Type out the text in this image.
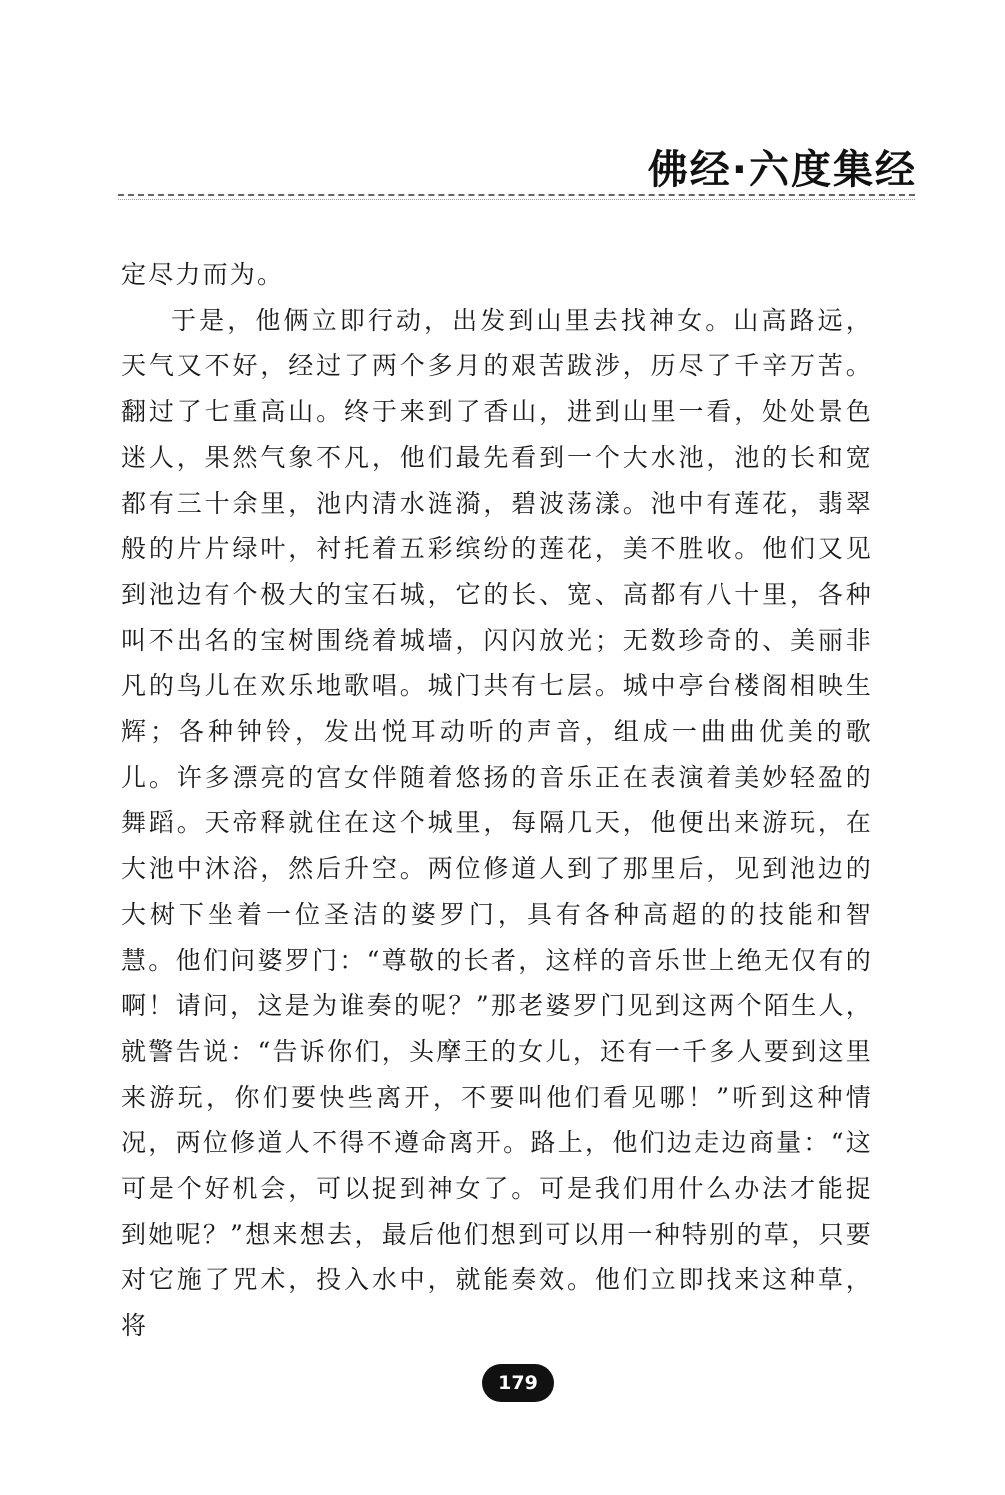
佛经·六度集经

定尽力而为。

于是，他俩立即行动，出发到山里去找神女。山高路远，天气又不好，经过了两个多月的艰苦跋涉，历尽了千辛万苦。翻过了七重高山。终于来到了香山，进到山里一看，处处景色迷人，果然气象不凡，他们最先看到一个大水池，池的长和宽都有三十余里，池内清水涟漪，碧波荡漾。池中有莲花，翡翠般的片片绿叶，衬托着五彩缤纷的莲花，美不胜收。他们又见到池边有个极大的宝石城，它的长、宽、高都有八十里，各种叫不出名的宝树围绕着城墙，闪闪放光；无数珍奇的、美丽非凡的鸟儿在欢乐地歌唱。城门共有七层。城中亭台楼阁相映生辉；各种钟铃，发出悦耳动听的声音，组成一曲曲优美的歌儿。许多漂亮的宫女伴随着悠扬的音乐正在表演着美妙轻盈的舞蹈。天帝释就住在这个城里，每隔几天，他便出来游玩，在大池中沐浴，然后升空。两位修道人到了那里后，见到池边的大树下坐着一位圣洁的婆罗门，具有各种高超的的技能和智慧。他们问婆罗门：“尊敬的长者，这样的音乐世上绝无仅有的啊！请问，这是为谁奏的呢？”那老婆罗门见到这两个陌生人，就警告说：“告诉你们，头摩王的女儿，还有一千多人要到这里来游玩，你们要快些离开，不要叫他们看见哪！”听到这种情况，两位修道人不得不遵命离开。路上，他们边走边商量：“这可是个好机会，可以捉到神女了。可是我们用什么办法才能捉到她呢？”想来想去，最后他们想到可以用一种特别的草，只要对它施了咒术，投入水中，就能奏效。他们立即找来这种草，将

179
